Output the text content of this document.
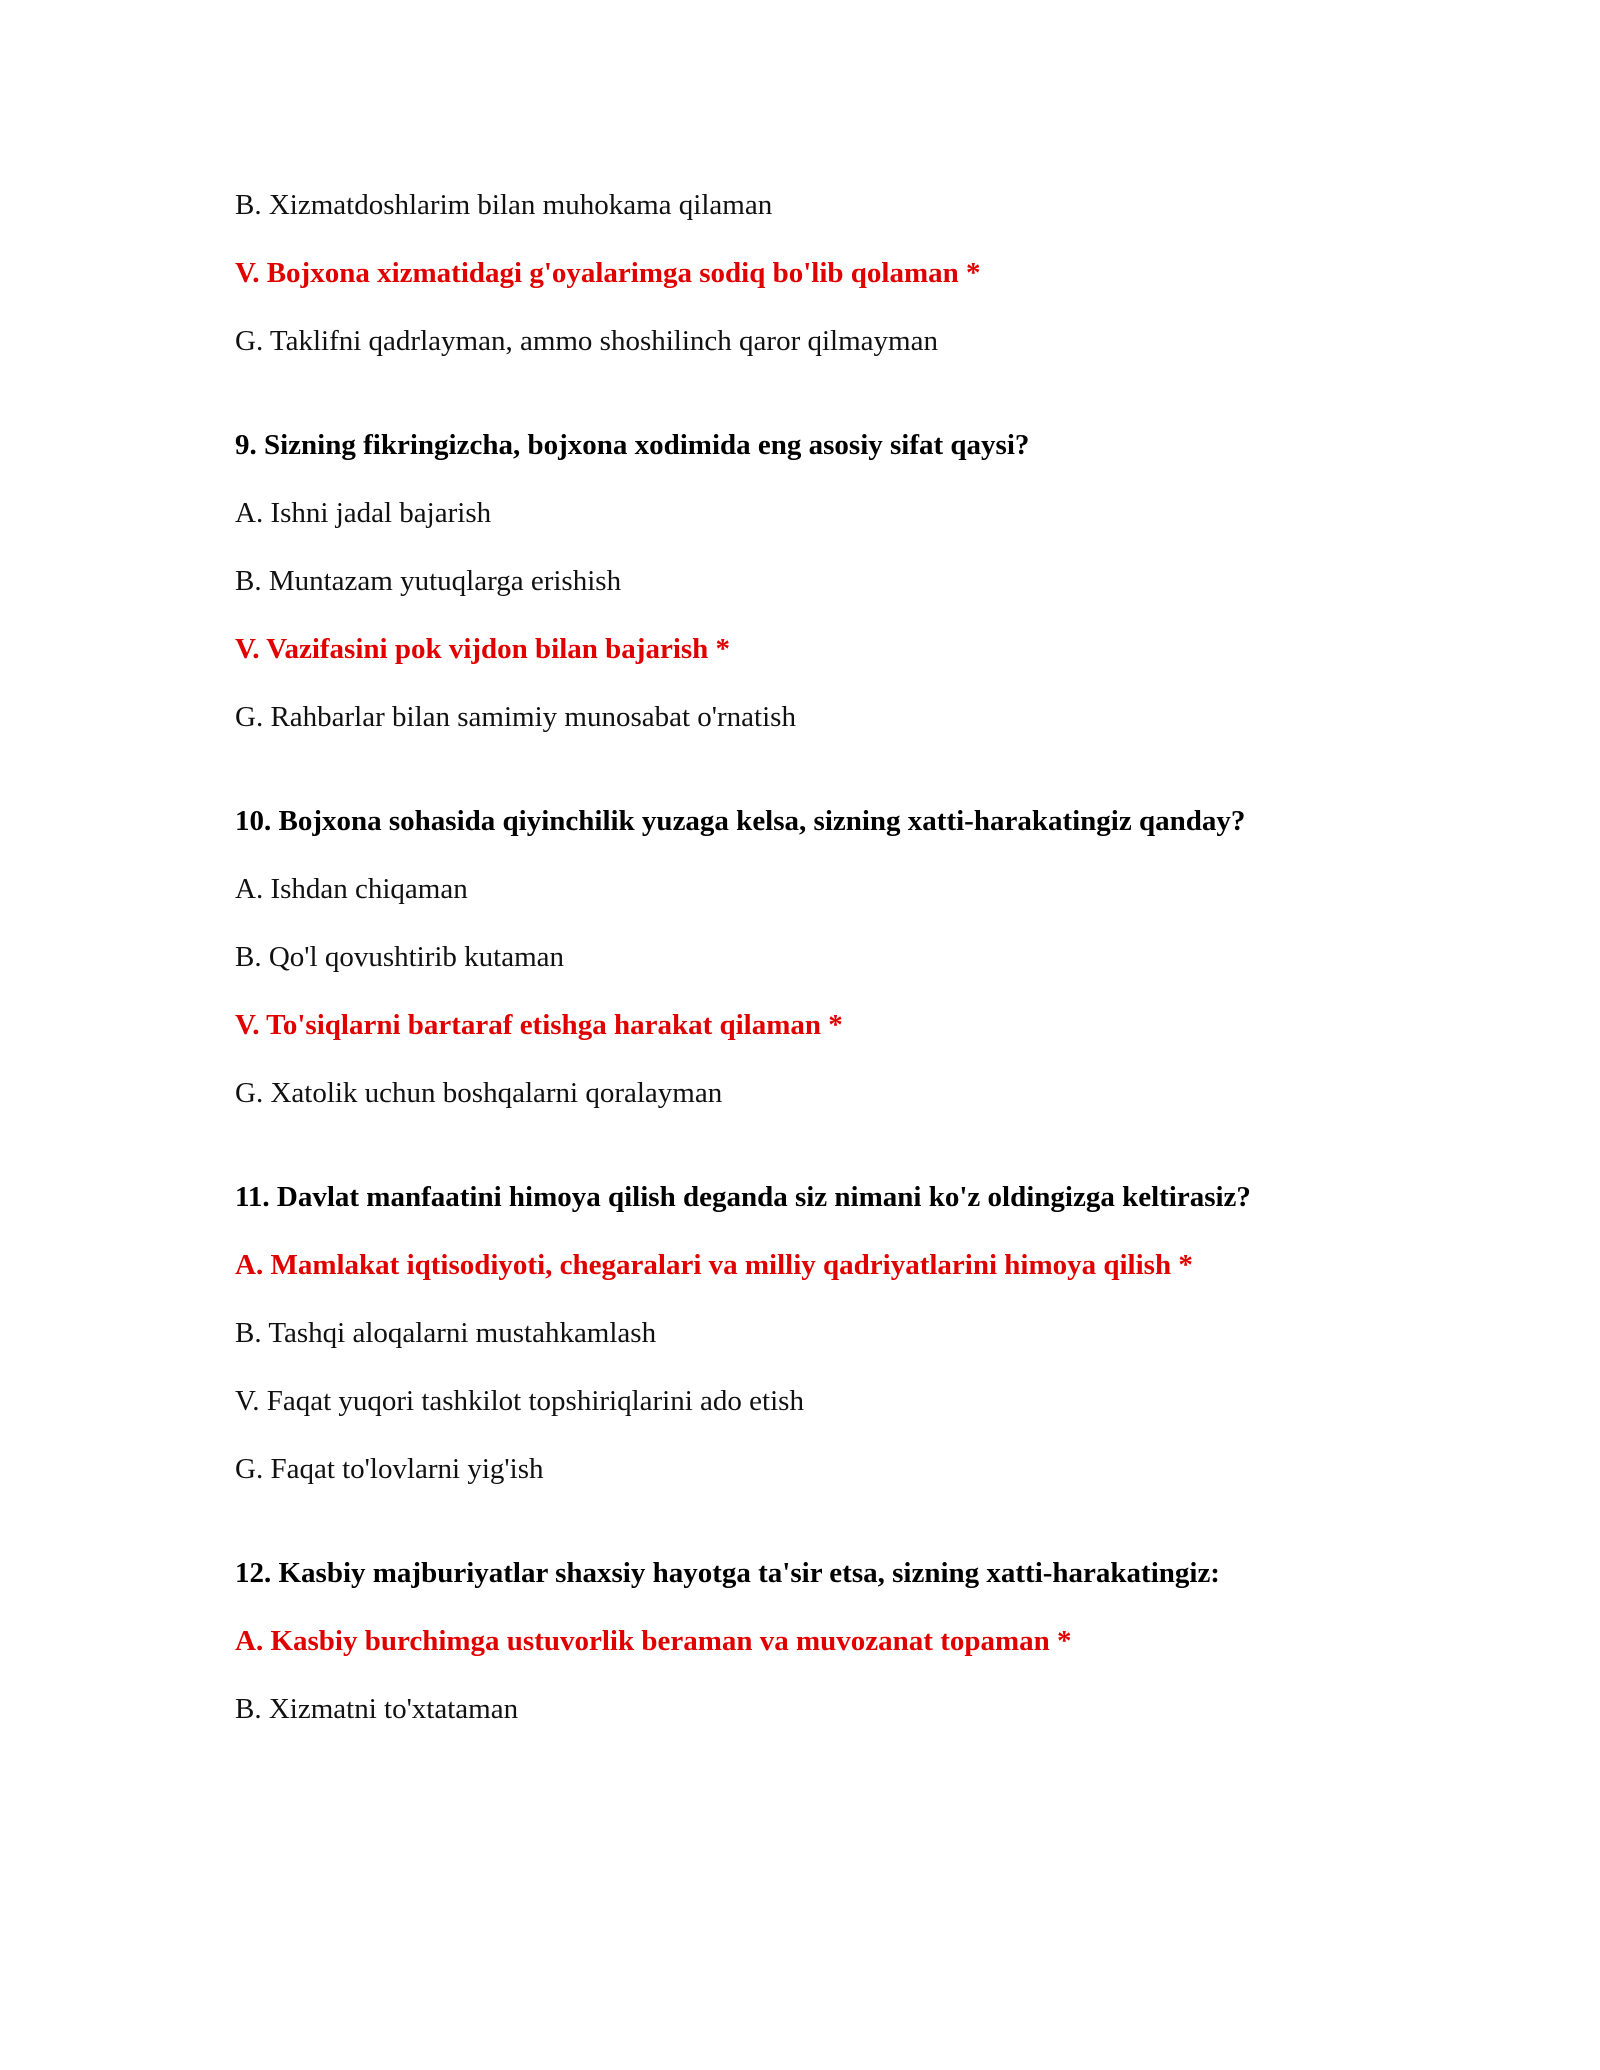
B. Xizmatdoshlarim bilan muhokama qilaman
V. Bojxona xizmatidagi g'oyalarimga sodiq bo'lib qolaman *
G. Taklifni qadrlayman, ammo shoshilinch qaror qilmayman
9. Sizning fikringizcha, bojxona xodimida eng asosiy sifat qaysi?
A. Ishni jadal bajarish
B. Muntazam yutuqlarga erishish
V. Vazifasini pok vijdon bilan bajarish *
G. Rahbarlar bilan samimiy munosabat o'rnatish
10. Bojxona sohasida qiyinchilik yuzaga kelsa, sizning xatti-harakatingiz qanday?
A. Ishdan chiqaman
B. Qo'l qovushtirib kutaman
V. To'siqlarni bartaraf etishga harakat qilaman *
G. Xatolik uchun boshqalarni qoralayman
11. Davlat manfaatini himoya qilish deganda siz nimani ko'z oldingizga keltirasiz?
A. Mamlakat iqtisodiyoti, chegaralari va milliy qadriyatlarini himoya qilish *
B. Tashqi aloqalarni mustahkamlash
V. Faqat yuqori tashkilot topshiriqlarini ado etish
G. Faqat to'lovlarni yig'ish
12. Kasbiy majburiyatlar shaxsiy hayotga ta'sir etsa, sizning xatti-harakatingiz:
A. Kasbiy burchimga ustuvorlik beraman va muvozanat topaman *
B. Xizmatni to'xtataman
